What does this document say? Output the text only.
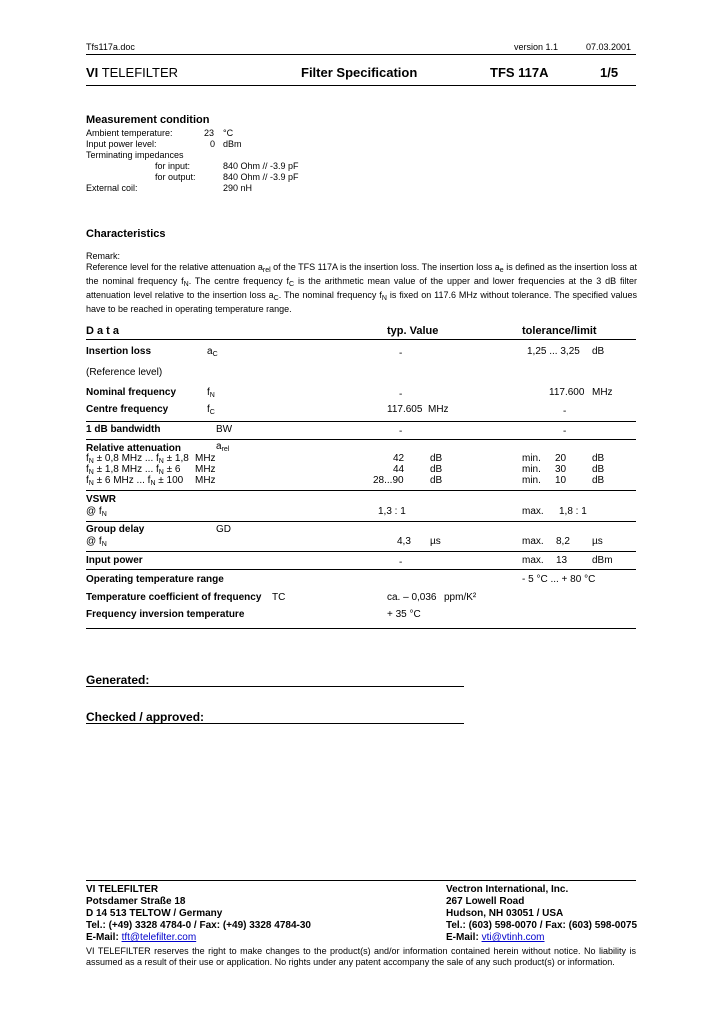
Tfs117a.doc	version 1.1	07.03.2001
VI TELEFILTER	Filter Specification	TFS 117A	1/5
Measurement condition
Ambient temperature:	23 °C
Input power level:	0 dBm
Terminating impedances
for input:	840 Ohm // -3.9 pF
for output:	840 Ohm // -3.9 pF
External coil:	290 nH
Characteristics
Remark:
Reference level for the relative attenuation $a_{rel}$ of the TFS 117A is the insertion loss. The insertion loss $a_e$ is defined as the insertion loss at the nominal frequency $f_N$. The centre frequency $f_C$ is the arithmetic mean value of the upper and lower frequencies at the 3 dB filter attenuation level relative to the insertion loss $a_C$. The nominal frequency $f_N$ is fixed on 117.6 MHz without tolerance. The specified values have to be reached in operating temperature range.
D a t a	typ. Value	tolerance/limit
Insertion loss	$a_C$	-	1,25 ... 3,25 dB
(Reference level)
Nominal frequency	$f_N$	-	117.600 MHz
Centre frequency	$f_C$	117.605 MHz	-
1 dB bandwidth	BW	-	-
Relative attenuation	$a_{rel}$
$f_N \pm 0,8$ MHz ... $f_N \pm 1,8$ MHz	42	dB	min. 20	dB
$f_N \pm 1,8$ MHz ... $f_N \pm 6$ MHz	44	dB	min. 30	dB
$f_N \pm 6$ MHz ... $f_N \pm 100$ MHz	28...90	dB	min. 10	dB
VSWR
@ $f_N$	1,3 : 1	max. 1,8 : 1
Group delay	GD
@ $f_N$	4,3 µs	max. 8,2 µs
Input power	-	max. 13 dBm
Operating temperature range	- 5 °C ... + 80 °C
Temperature coefficient of frequency TC	ca. – 0,036 ppm/K²
Frequency inversion temperature	+ 35 °C
Generated:
Checked / approved:
VI TELEFILTER
Potsdamer Straße 18
D 14 513 TELTOW / Germany
Tel.: (+49) 3328 4784-0 / Fax: (+49) 3328 4784-30
E-Mail: tft@telefilter.com
Vectron International, Inc.
267 Lowell Road
Hudson, NH 03051 / USA
Tel.: (603) 598-0070 / Fax: (603) 598-0075
E-Mail: vti@vtinh.com
VI TELEFILTER reserves the right to make changes to the product(s) and/or information contained herein without notice. No liability is assumed as a result of their use or application. No rights under any patent accompany the sale of any such product(s) or information.
